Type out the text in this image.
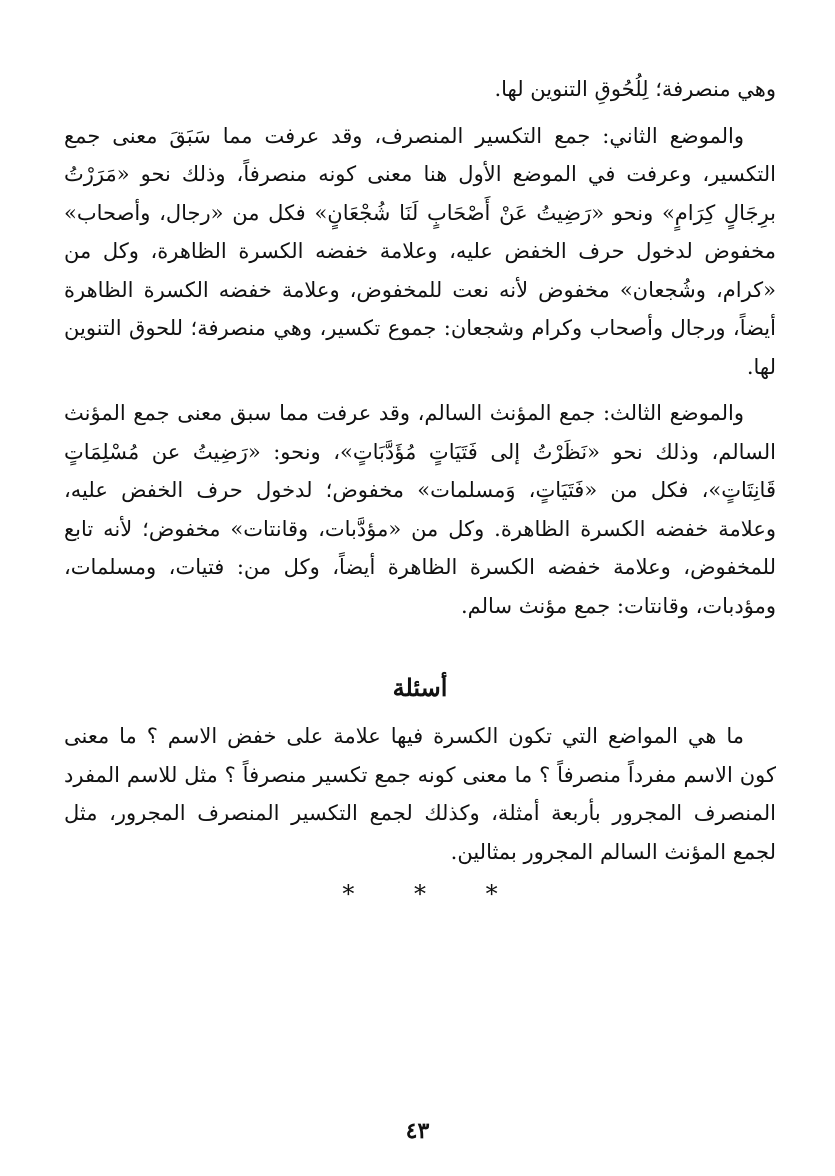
وهي منصرفة؛ لِلُحُوقِ التنوين لها.

والموضع الثاني: جمع التكسير المنصرف، وقد عرفت مما سَبَقَ معنى جمع التكسير، وعرفت في الموضع الأول هنا معنى كونه منصرفاً، وذلك نحو «مَرَرْتُ برِجَالٍ كِرَامٍ» ونحو «رَضِيتُ عَنْ أَصْحَابٍ لَنَا شُجْعَانٍ» فكل من «رجال، وأصحاب» مخفوض لدخول حرف الخفض عليه، وعلامة خفضه الكسرة الظاهرة، وكل من «كرام، وشُجعان» مخفوض لأنه نعت للمخفوض، وعلامة خفضه الكسرة الظاهرة أيضاً، ورجال وأصحاب وكرام وشجعان: جموع تكسير، وهي منصرفة؛ للحوق التنوين لها.

والموضع الثالث: جمع المؤنث السالم، وقد عرفت مما سبق معنى جمع المؤنث السالم، وذلك نحو «نَظَرْتُ إلى فَتَيَاتٍ مُؤَدَّبَاتٍ»، ونحو: «رَضِيتُ عن مُسْلِمَاتٍ قَانِتَاتٍ»، فكل من «فَتَيَاتٍ، وَمسلمات» مخفوض؛ لدخول حرف الخفض عليه، وعلامة خفضه الكسرة الظاهرة. وكل من «مؤدَّبات، وقانتات» مخفوض؛ لأنه تابع للمخفوض، وعلامة خفضه الكسرة الظاهرة أيضاً، وكل من: فتيات، ومسلمات، ومؤدبات، وقانتات: جمع مؤنث سالم.

أسئلة

ما هي المواضع التي تكون الكسرة فيها علامة على خفض الاسم ؟ ما معنى كون الاسم مفرداً منصرفاً ؟ ما معنى كونه جمع تكسير منصرفاً ؟ مثل للاسم المفرد المنصرف المجرور بأربعة أمثلة، وكذلك لجمع التكسير المنصرف المجرور، مثل لجمع المؤنث السالم المجرور بمثالين.

* * *
٤٣
